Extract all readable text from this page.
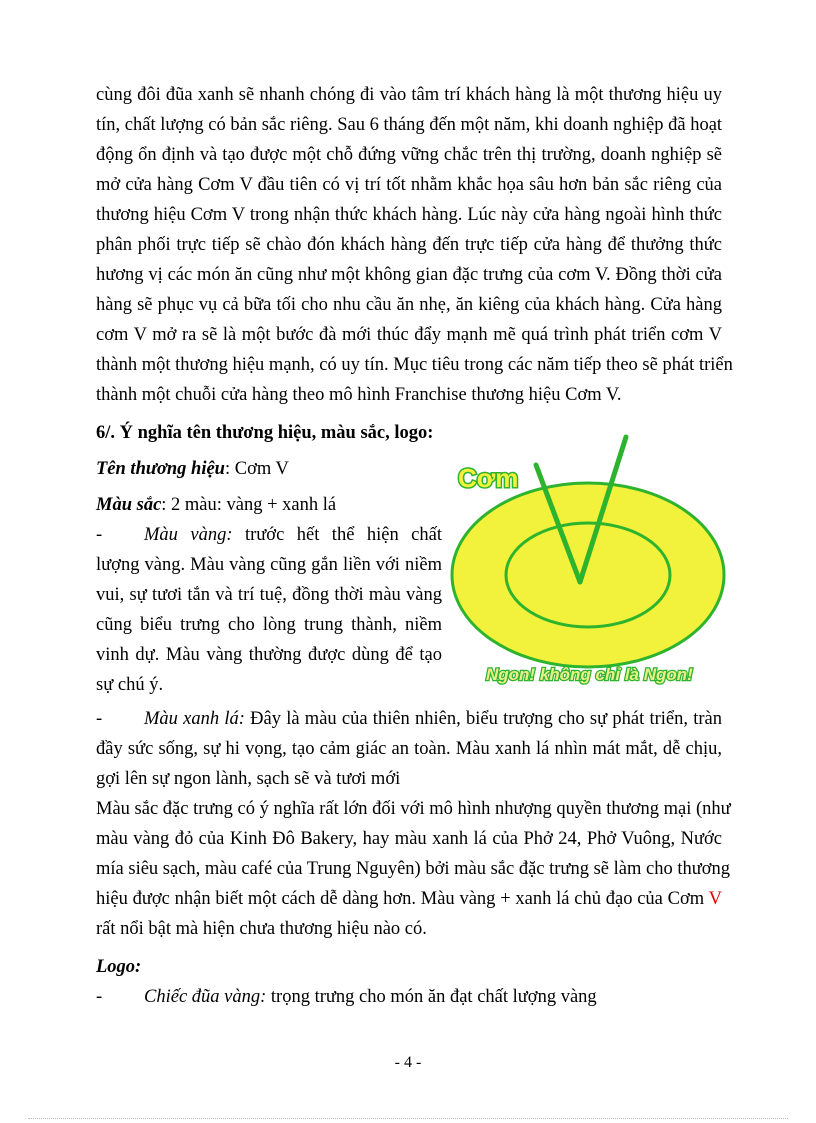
cùng đôi đũa xanh sẽ nhanh chóng đi vào tâm trí khách hàng là một thương hiệu uy
tín, chất lượng có bản sắc riêng. Sau 6 tháng đến một năm, khi doanh nghiệp đã hoạt
động ổn định và tạo được một chỗ đứng vững chắc trên thị trường, doanh nghiệp sẽ
mở cửa hàng Cơm V đầu tiên có vị trí tốt nhằm khắc họa sâu hơn bản sắc riêng của
thương hiệu Cơm V trong nhận thức khách hàng. Lúc này cửa hàng ngoài hình thức
phân phối trực tiếp sẽ chào đón khách hàng đến trực tiếp cửa hàng để thưởng thức
hương vị các món ăn cũng như một không gian đặc trưng của cơm V. Đồng thời cửa
hàng sẽ phục vụ cả bữa tối cho nhu cầu ăn nhẹ, ăn kiêng của khách hàng. Cửa hàng
cơm V mở ra sẽ là một bước đà mới thúc đẩy mạnh mẽ quá trình phát triển cơm V
thành một thương hiệu mạnh, có uy tín. Mục tiêu trong các năm tiếp theo sẽ phát triển
thành một chuỗi cửa hàng theo mô hình Franchise thương hiệu Cơm V.
6/. Ý nghĩa tên thương hiệu, màu sắc, logo:
Tên thương hiệu: Cơm V
Màu sắc: 2 màu: vàng + xanh lá
- Màu vàng: trước hết thể hiện chất
lượng vàng. Màu vàng cũng gắn liền với niềm
vui, sự tươi tắn và trí tuệ, đồng thời màu vàng
cũng biểu trưng cho lòng trung thành, niềm
vinh dự. Màu vàng thường được dùng để tạo
sự chú ý.
Cơm
Ngon! không chỉ là Ngon!
- Màu xanh lá: Đây là màu của thiên nhiên, biểu trượng cho sự phát triển, tràn
đầy sức sống, sự hi vọng, tạo cảm giác an toàn. Màu xanh lá nhìn mát mắt, dễ chịu,
gợi lên sự ngon lành, sạch sẽ và tươi mới
Màu sắc đặc trưng có ý nghĩa rất lớn đối với mô hình nhượng quyền thương mại (như
màu vàng đỏ của Kinh Đô Bakery, hay màu xanh lá của Phở 24, Phở Vuông, Nước
mía siêu sạch, màu café của Trung Nguyên) bởi màu sắc đặc trưng sẽ làm cho thương
hiệu được nhận biết một cách dễ dàng hơn. Màu vàng + xanh lá chủ đạo của Cơm V
rất nổi bật mà hiện chưa thương hiệu nào có.
Logo:
- Chiếc đũa vàng: trọng trưng cho món ăn đạt chất lượng vàng
- 4 -
